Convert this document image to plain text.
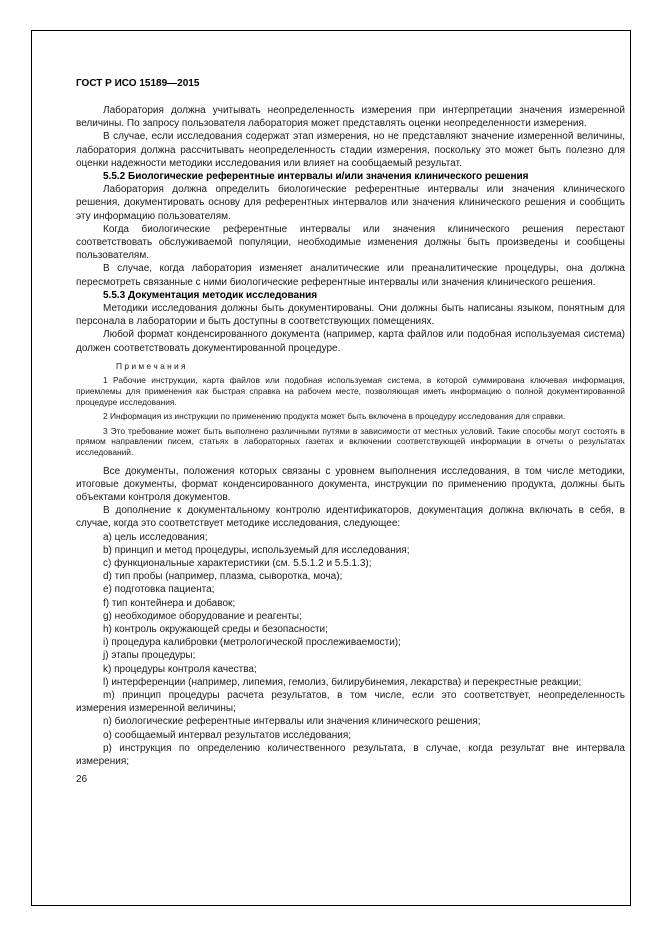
ГОСТ Р ИСО 15189—2015

Лаборатория должна учитывать неопределенность измерения при интерпретации значения измеренной величины. По запросу пользователя лаборатория может представлять оценки неопределенности измерения.

В случае, если исследования содержат этап измерения, но не представляют значение измеренной величины, лаборатория должна рассчитывать неопределенность стадии измерения, поскольку это может быть полезно для оценки надежности методики исследования или влияет на сообщаемый результат.

5.5.2 Биологические референтные интервалы и/или значения клинического решения

Лаборатория должна определить биологические референтные интервалы или значения клинического решения, документировать основу для референтных интервалов или значения клинического решения и сообщить эту информацию пользователям.

Когда биологические референтные интервалы или значения клинического решения перестают соответствовать обслуживаемой популяции, необходимые изменения должны быть произведены и сообщены пользователям.

В случае, когда лаборатория изменяет аналитические или преаналитические процедуры, она должна пересмотреть связанные с ними биологические референтные интервалы или значения клинического решения.

5.5.3 Документация методик исследования

Методики исследования должны быть документированы. Они должны быть написаны языком, понятным для персонала в лаборатории и быть доступны в соответствующих помещениях.

Любой формат конденсированного документа (например, карта файлов или подобная используемая система) должен соответствовать документированной процедуре.

П р и м е ч а н и я

1 Рабочие инструкции, карта файлов или подобная используемая система, в которой суммирована ключевая информация, приемлемы для применения как быстрая справка на рабочем месте, позволяющая иметь информацию о полной документированной процедуре исследования.

2 Информация из инструкции по применению продукта может быть включена в процедуру исследования для справки.

3 Это требование может быть выполнено различными путями в зависимости от местных условий. Такие способы могут состоять в прямом направлении писем, статьях в лабораторных газетах и включении соответствующей информации в отчеты о результатах исследований.

Все документы, положения которых связаны с уровнем выполнения исследования, в том числе методики, итоговые документы, формат конденсированного документа, инструкции по применению продукта, должны быть объектами контроля документов.

В дополнение к документальному контролю идентификаторов, документация должна включать в себя, в случае, когда это соответствует методике исследования, следующее:

a) цель исследования;

b) принцип и метод процедуры, используемый для исследования;

c) функциональные характеристики (см. 5.5.1.2 и 5.5.1.3);

d) тип пробы (например, плазма, сыворотка, моча);

e) подготовка пациента;

f) тип контейнера и добавок;

g) необходимое оборудование и реагенты;

h) контроль окружающей среды и безопасности;

i) процедура калибровки (метрологической прослеживаемости);

j) этапы процедуры;

k) процедуры контроля качества;

l) интерференции (например, липемия, гемолиз, билирубинемия, лекарства) и перекрестные реакции;

m) принцип процедуры расчета результатов, в том числе, если это соответствует, неопределенность измерения измеренной величины;

n) биологические референтные интервалы или значения клинического решения;

o) сообщаемый интервал результатов исследования;

p) инструкция по определению количественного результата, в случае, когда результат вне интервала измерения;

26
